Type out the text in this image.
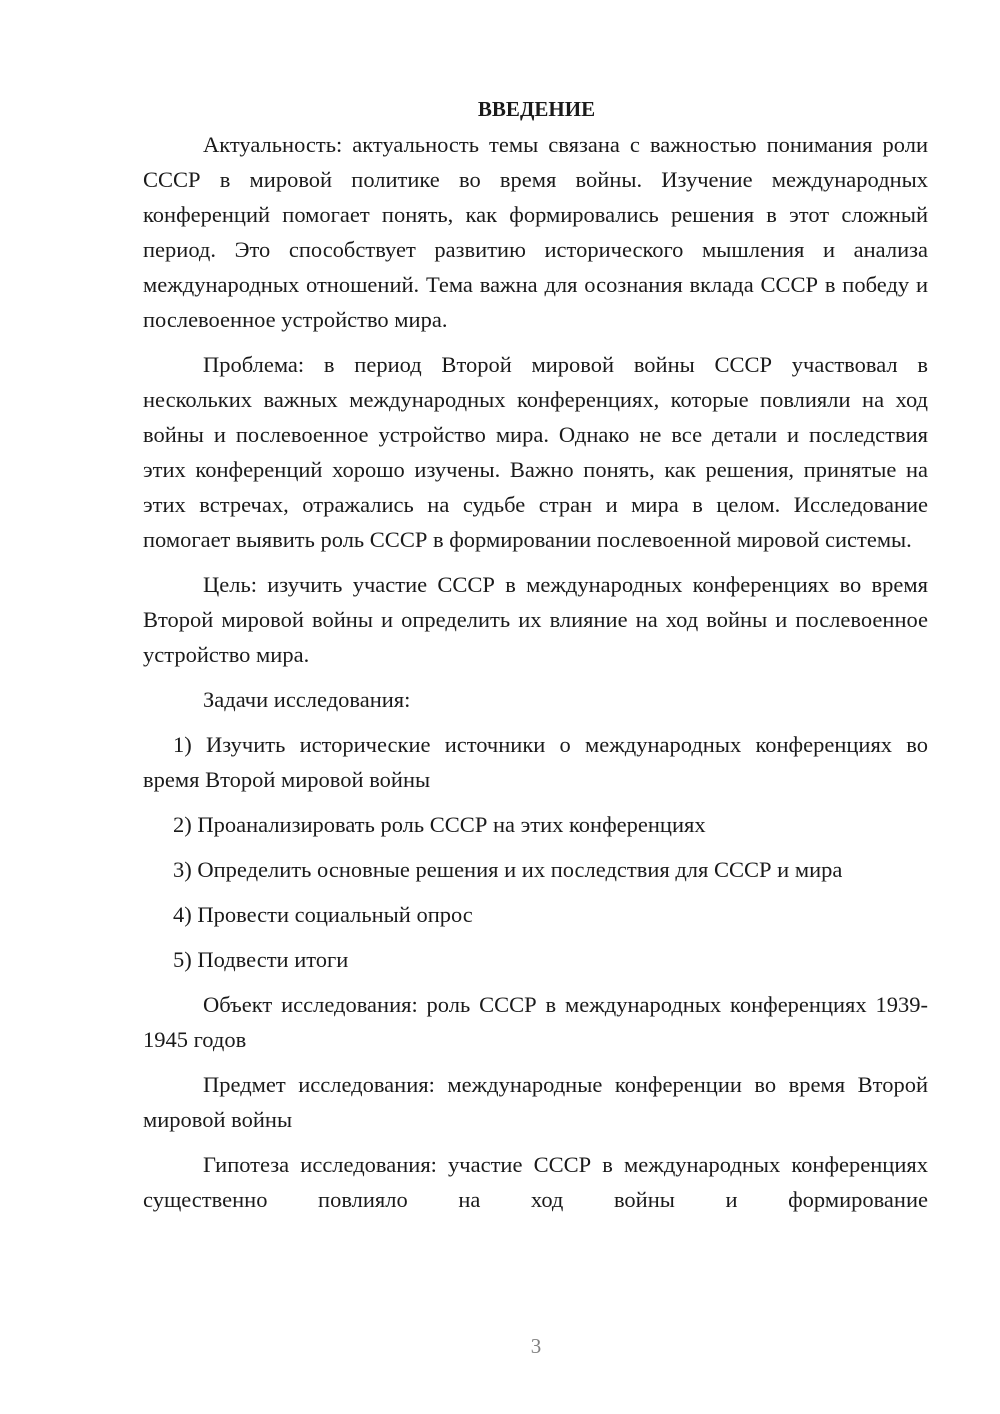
ВВЕДЕНИЕ

Актуальность: актуальность темы связана с важностью понимания роли СССР в мировой политике во время войны. Изучение международных конференций помогает понять, как формировались решения в этот сложный период. Это способствует развитию исторического мышления и анализа международных отношений. Тема важна для осознания вклада СССР в победу и послевоенное устройство мира.

Проблема: в период Второй мировой войны СССР участвовал в нескольких важных международных конференциях, которые повлияли на ход войны и послевоенное устройство мира. Однако не все детали и последствия этих конференций хорошо изучены. Важно понять, как решения, принятые на этих встречах, отражались на судьбе стран и мира в целом. Исследование помогает выявить роль СССР в формировании послевоенной мировой системы.

Цель: изучить участие СССР в международных конференциях во время Второй мировой войны и определить их влияние на ход войны и послевоенное устройство мира.

Задачи исследования:

1) Изучить исторические источники о международных конференциях во время Второй мировой войны

2) Проанализировать роль СССР на этих конференциях

3) Определить основные решения и их последствия для СССР и мира

4) Провести социальный опрос

5) Подвести итоги

Объект исследования: роль СССР в международных конференциях 1939-1945 годов

Предмет исследования: международные конференции во время Второй мировой войны

Гипотеза исследования: участие СССР в международных конференциях существенно повлияло на ход войны и формирование

3
